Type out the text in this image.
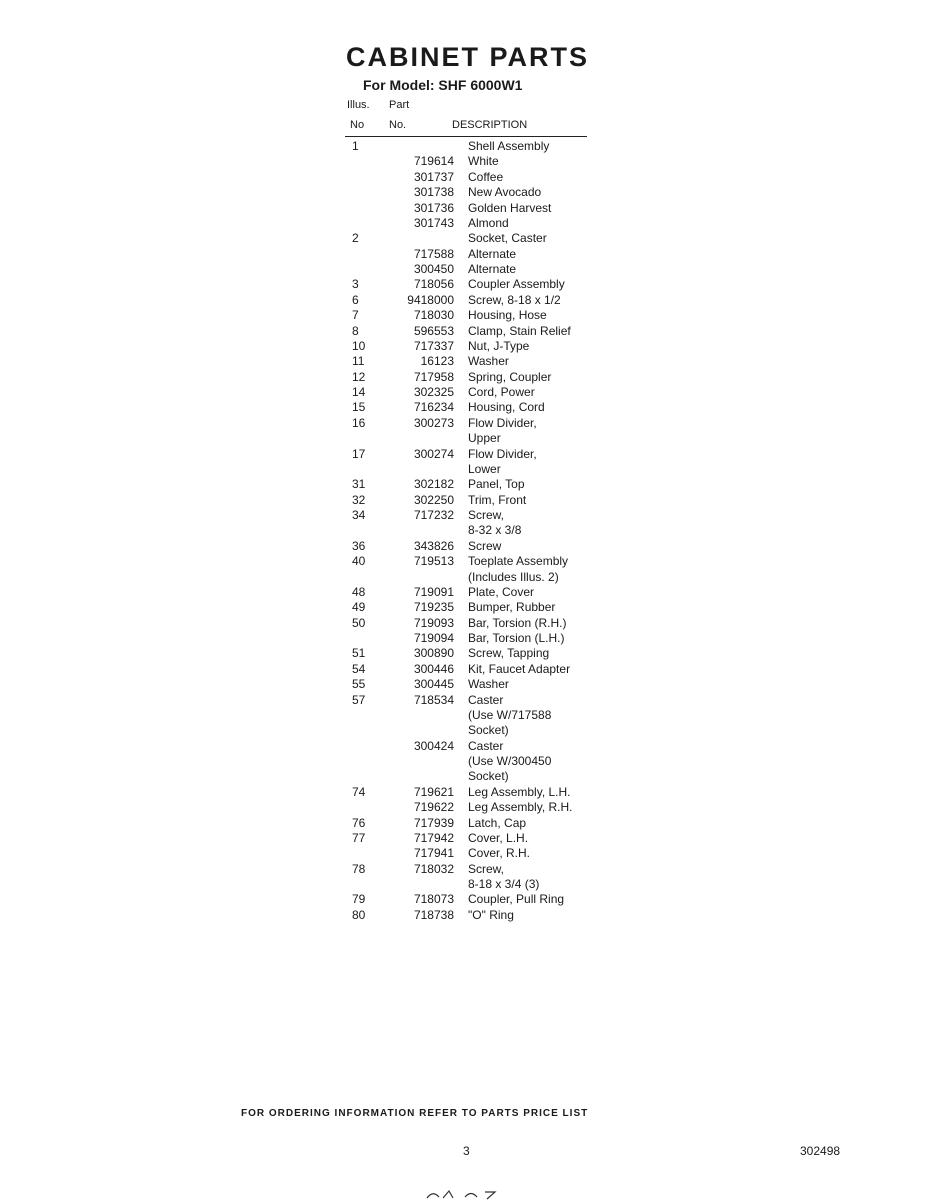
CABINET PARTS
For Model: SHF 6000W1
Illus. Part
No No.	DESCRIPTION
1	Shell Assembly
719614 White
301737 Coffee
301738 New Avocado
301736 Golden Harvest
301743 Almond
2	Socket, Caster
717588 Alternate
300450 Alternate
3	718056 Coupler Assembly
6	9418000 Screw, 8-18 x 1/2
7	718030 Housing, Hose
8	596553 Clamp, Stain Relief
10	717337 Nut, J-Type
11	16123 Washer
12	717958 Spring, Coupler
14	302325 Cord, Power
15	716234 Housing, Cord
16	300273 Flow Divider,
Upper
17	300274 Flow Divider,
Lower
31	302182 Panel, Top
32	302250 Trim, Front
34	717232 Screw,
8-32 x 3/8
36	343826 Screw
40	719513 Toeplate Assembly
(Includes Illus. 2)
48	719091 Plate, Cover
49	719235 Bumper, Rubber
50	719093 Bar, Torsion (R.H.)
719094 Bar, Torsion (L.H.)
51	300890 Screw, Tapping
54	300446 Kit, Faucet Adapter
55	300445 Washer
57	718534 Caster
(Use W/717588
Socket)
300424 Caster
(Use W/300450
Socket)
74	719621 Leg Assembly, L.H.
719622 Leg Assembly, R.H.
76	717939 Latch, Cap
77	717942 Cover, L.H.
717941 Cover, R.H.
78	718032 Screw,
8-18 x 3/4 (3)
79	718073 Coupler, Pull Ring
80	718738 "O" Ring
FOR ORDERING INFORMATION REFER TO PARTS PRICE LIST
3	302498
